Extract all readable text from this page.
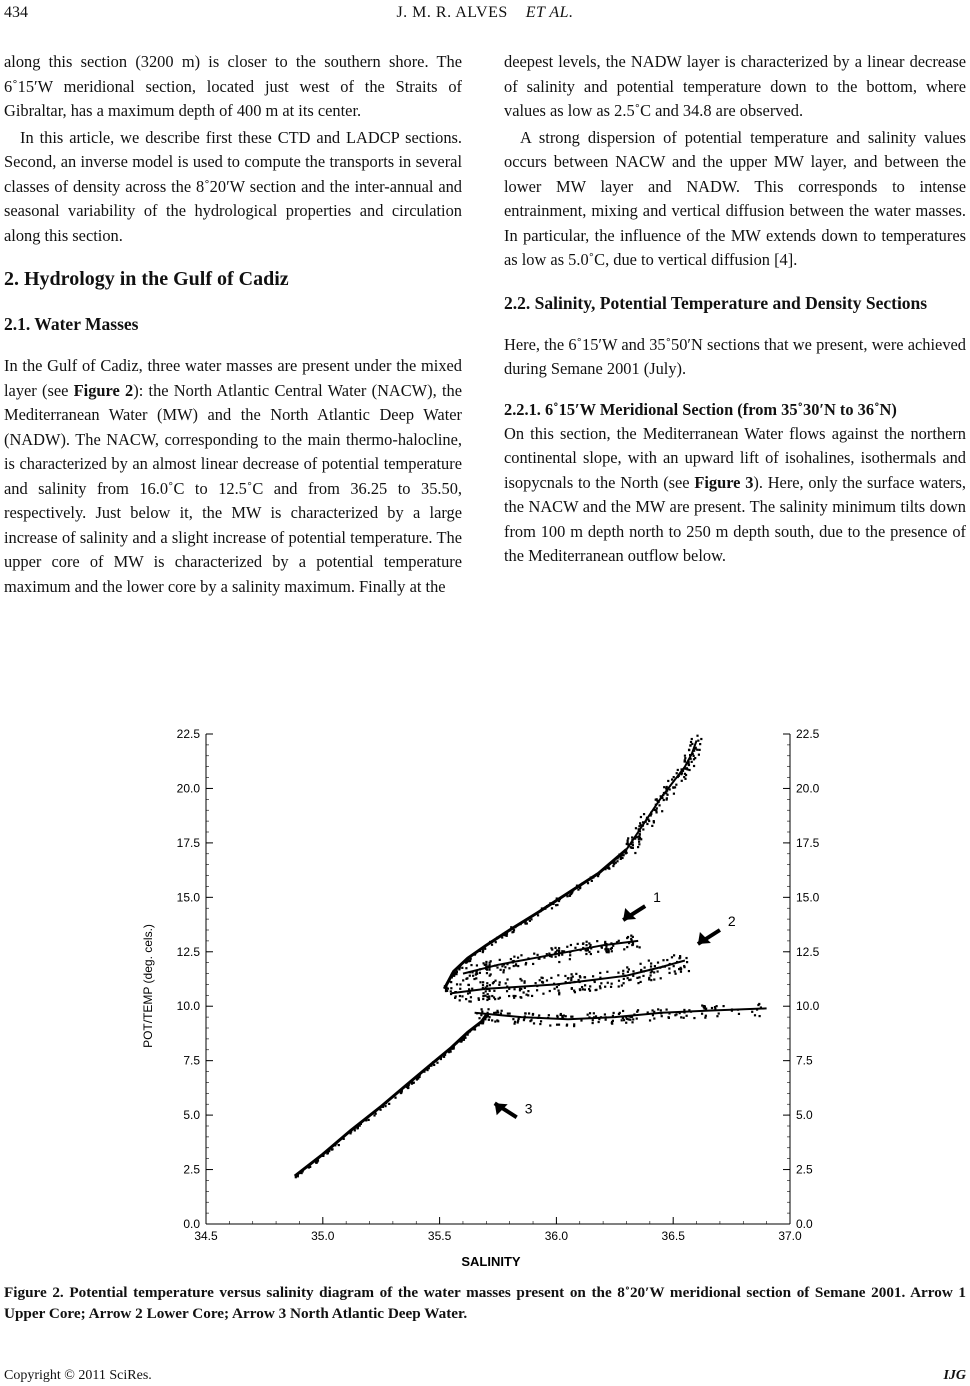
434	J. M. R. ALVES ET AL.

along this section (3200 m) is closer to the southern shore. The 6˚15′W meridional section, located just west of the Straits of Gibraltar, has a maximum depth of 400 m at its center.

In this article, we describe first these CTD and LADCP sections. Second, an inverse model is used to compute the transports in several classes of density across the 8˚20′W section and the inter-annual and seasonal variability of the hydrological properties and circulation along this section.

2. Hydrology in the Gulf of Cadiz
2.1. Water Masses

In the Gulf of Cadiz, three water masses are present under the mixed layer (see Figure 2): the North Atlantic Central Water (NACW), the Mediterranean Water (MW) and the North Atlantic Deep Water (NADW). The NACW, corresponding to the main thermo-halocline, is characterized by an almost linear decrease of potential temperature and salinity from 16.0˚C to 12.5˚C and from 36.25 to 35.50, respectively. Just below it, the MW is characterized by a large increase of salinity and a slight increase of potential temperature. The upper core of MW is characterized by a potential temperature maximum and the lower core by a salinity maximum. Finally at the

deepest levels, the NADW layer is characterized by a linear decrease of salinity and potential temperature down to the bottom, where values as low as 2.5˚C and 34.8 are observed.

A strong dispersion of potential temperature and salinity values occurs between NACW and the upper MW layer, and between the lower MW layer and NADW. This corresponds to intense entrainment, mixing and vertical diffusion between the water masses. In particular, the influence of the MW extends down to temperatures as low as 5.0˚C, due to vertical diffusion [4].

2.2. Salinity, Potential Temperature and Density Sections

Here, the 6˚15′W and 35˚50′N sections that we present, were achieved during Semane 2001 (July).

2.2.1. 6˚15′W Meridional Section (from 35˚30′N to 36˚N)

On this section, the Mediterranean Water flows against the northern continental slope, with an upward lift of isohalines, isothermals and isopycnals to the North (see Figure 3). Here, only the surface waters, the NACW and the MW are present. The salinity minimum tilts down from 100 m depth north to 250 m depth south, due to the presence of the Mediterranean outflow below.

0.0	0.0
2.5	2.5
5.0	5.0
7.5	7.5
10.0	10.0
12.5	12.5
15.0	15.0
17.5	17.5
20.0	20.0
22.5	22.5
34.5	35.0	35.5	36.0	36.5	37.0
1
2
3
POT/TEMP (deg. cels.)
SALINITY
Figure 2. Potential temperature versus salinity diagram of the water masses present on the 8˚20′W meridional section of Semane 2001. Arrow 1 Upper Core; Arrow 2 Lower Core; Arrow 3 North Atlantic Deep Water.
Copyright © 2011 SciRes.	IJG
